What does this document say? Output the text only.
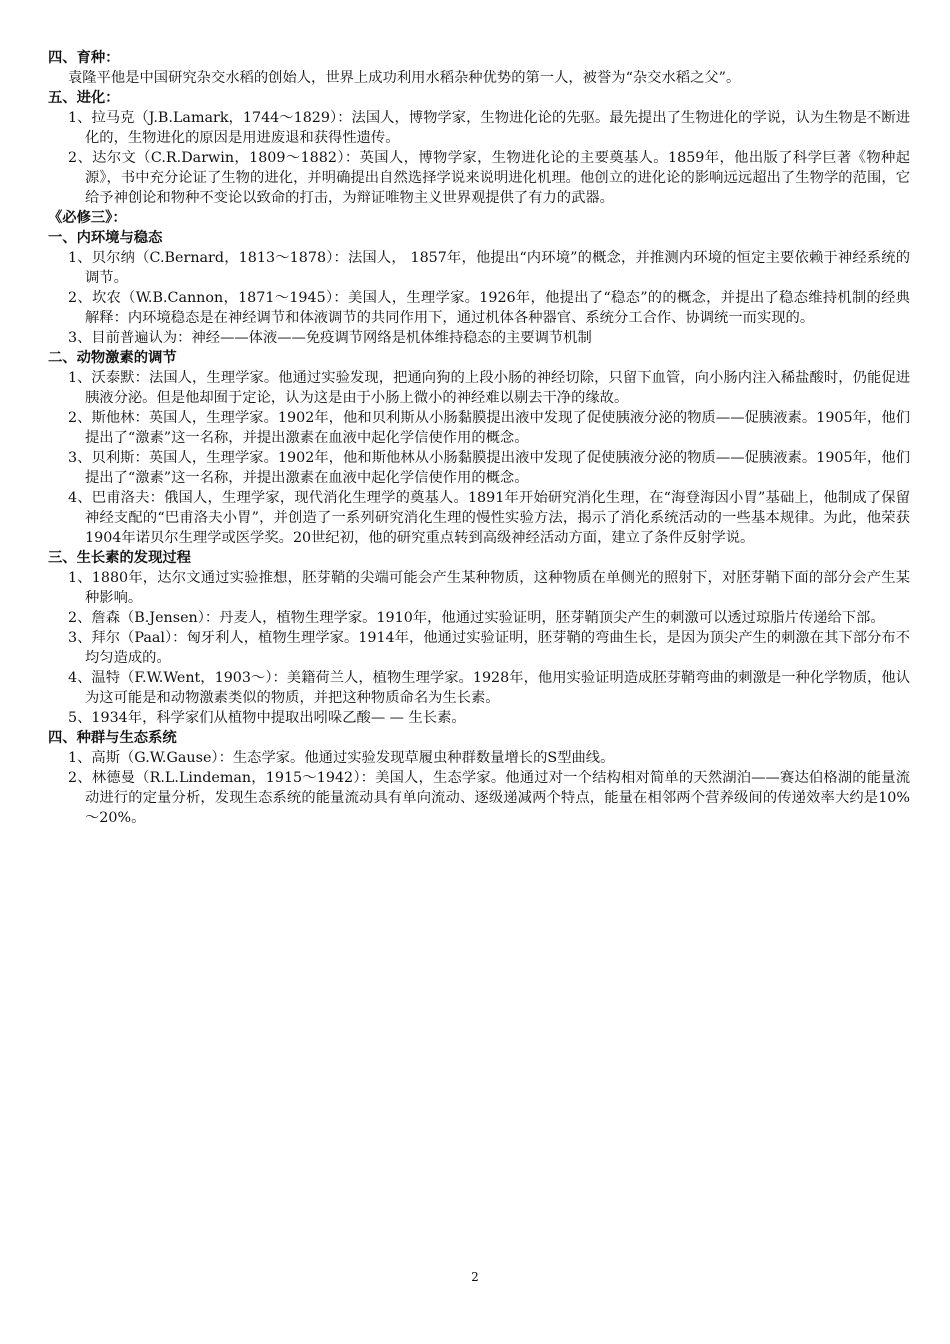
四、育种：
袁隆平他是中国研究杂交水稻的创始人，世界上成功利用水稻杂种优势的第一人，被誉为“杂交水稻之父”。
五、进化：
1、拉马克（J.B.Lamark，1744～1829）：法国人，博物学家，生物进化论的先驱。最先提出了生物进化的学说，认为生物是不断进化的，生物进化的原因是用进废退和获得性遗传。
2、达尔文（C.R.Darwin，1809～1882）：英国人，博物学家，生物进化论的主要奠基人。1859年，他出版了科学巨著《物种起源》，书中充分论证了生物的进化，并明确提出自然选择学说来说明进化机理。他创立的进化论的影响远远超出了生物学的范围，它给予神创论和物种不变论以致命的打击，为辩证唯物主义世界观提供了有力的武器。
《必修三》：
一、内环境与稳态
1、贝尔纳（C.Bernard，1813～1878）：法国人， 1857年，他提出“内环境”的概念，并推测内环境的恒定主要依赖于神经系统的调节。
2、坎农（W.B.Cannon，1871～1945）：美国人，生理学家。1926年，他提出了“稳态”的的概念，并提出了稳态维持机制的经典解释：内环境稳态是在神经调节和体液调节的共同作用下，通过机体各种器官、系统分工合作、协调统一而实现的。
3、目前普遍认为：神经——体液——免疫调节网络是机体维持稳态的主要调节机制
二、动物激素的调节
1、沃泰默：法国人，生理学家。他通过实验发现，把通向狗的上段小肠的神经切除，只留下血管，向小肠内注入稀盐酸时，仍能促进胰液分泌。但是他却囿于定论，认为这是由于小肠上微小的神经难以剔去干净的缘故。
2、斯他林：英国人，生理学家。1902年，他和贝利斯从小肠黏膜提出液中发现了促使胰液分泌的物质——促胰液素。1905年，他们提出了“激素”这一名称，并提出激素在血液中起化学信使作用的概念。
3、贝利斯：英国人，生理学家。1902年，他和斯他林从小肠黏膜提出液中发现了促使胰液分泌的物质——促胰液素。1905年，他们提出了“激素”这一名称，并提出激素在血液中起化学信使作用的概念。
4、巴甫洛夫：俄国人，生理学家，现代消化生理学的奠基人。1891年开始研究消化生理，在“海登海因小胃”基础上，他制成了保留神经支配的“巴甫洛夫小胃”，并创造了一系列研究消化生理的慢性实验方法，揭示了消化系统活动的一些基本规律。为此，他荣获1904年诺贝尔生理学或医学奖。20世纪初，他的研究重点转到高级神经活动方面，建立了条件反射学说。
三、生长素的发现过程
1、1880年，达尔文通过实验推想，胚芽鞘的尖端可能会产生某种物质，这种物质在单侧光的照射下，对胚芽鞘下面的部分会产生某种影响。
2、詹森（B.Jensen）：丹麦人，植物生理学家。1910年，他通过实验证明，胚芽鞘顶尖产生的刺激可以透过琼脂片传递给下部。
3、拜尔（Paal）：匈牙利人，植物生理学家。1914年，他通过实验证明，胚芽鞘的弯曲生长，是因为顶尖产生的刺激在其下部分布不均匀造成的。
4、温特（F.W.Went，1903～）：美籍荷兰人，植物生理学家。1928年，他用实验证明造成胚芽鞘弯曲的刺激是一种化学物质，他认为这可能是和动物激素类似的物质，并把这种物质命名为生长素。
5、1934年，科学家们从植物中提取出吲哚乙酸— — 生长素。
四、种群与生态系统
1、高斯（G.W.Gause）：生态学家。他通过实验发现草履虫种群数量增长的S型曲线。
2、林德曼（R.L.Lindeman，1915～1942）：美国人，生态学家。他通过对一个结构相对简单的天然湖泊——赛达伯格湖的能量流动进行的定量分析，发现生态系统的能量流动具有单向流动、逐级递减两个特点，能量在相邻两个营养级间的传递效率大约是10%～20%。
2
